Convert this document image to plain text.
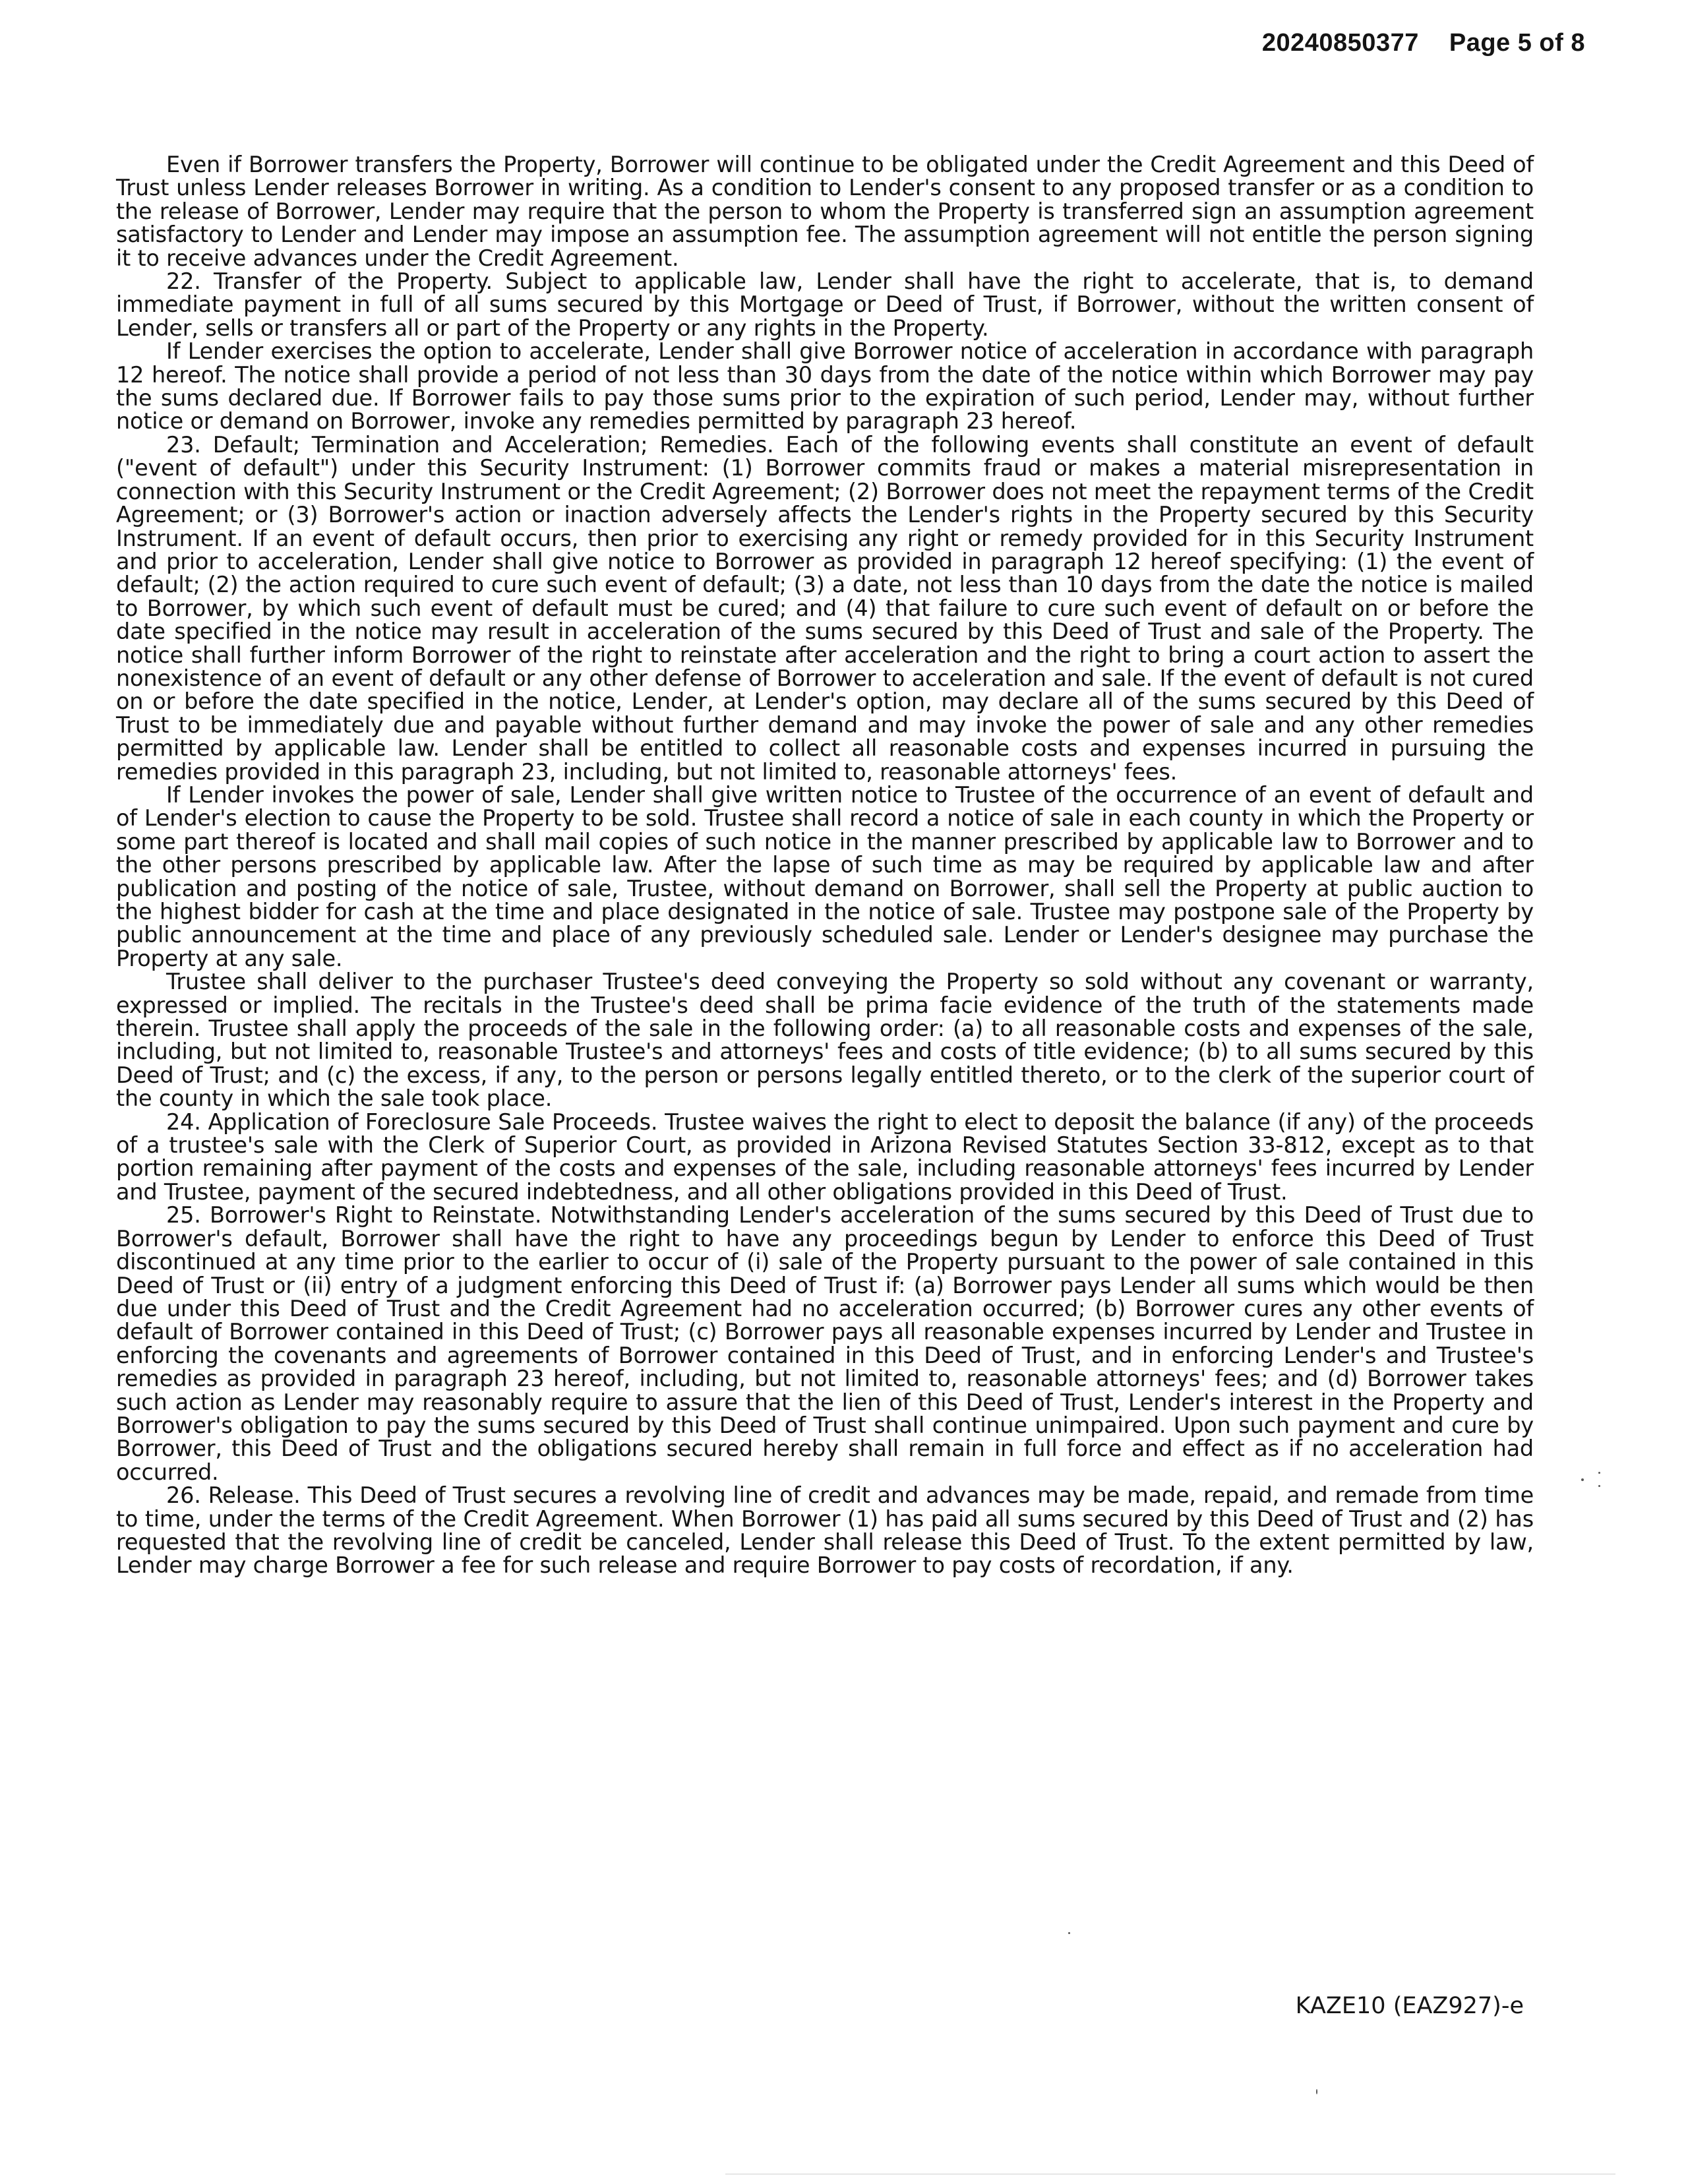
20240850377 Page 5 of 8

Even if Borrower transfers the Property, Borrower will continue to be obligated under the Credit Agreement and this Deed of Trust unless Lender releases Borrower in writing. As a condition to Lender's consent to any proposed transfer or as a condition to the release of Borrower, Lender may require that the person to whom the Property is transferred sign an assumption agreement satisfactory to Lender and Lender may impose an assumption fee. The assumption agreement will not entitle the person signing it to receive advances under the Credit Agreement.

22. Transfer of the Property. Subject to applicable law, Lender shall have the right to accelerate, that is, to demand immediate payment in full of all sums secured by this Mortgage or Deed of Trust, if Borrower, without the written consent of Lender, sells or transfers all or part of the Property or any rights in the Property.

If Lender exercises the option to accelerate, Lender shall give Borrower notice of acceleration in accordance with paragraph 12 hereof. The notice shall provide a period of not less than 30 days from the date of the notice within which Borrower may pay the sums declared due. If Borrower fails to pay those sums prior to the expiration of such period, Lender may, without further notice or demand on Borrower, invoke any remedies permitted by paragraph 23 hereof.

23. Default; Termination and Acceleration; Remedies. Each of the following events shall constitute an event of default ("event of default") under this Security Instrument: (1) Borrower commits fraud or makes a material misrepresentation in connection with this Security Instrument or the Credit Agreement; (2) Borrower does not meet the repayment terms of the Credit Agreement; or (3) Borrower's action or inaction adversely affects the Lender's rights in the Property secured by this Security Instrument. If an event of default occurs, then prior to exercising any right or remedy provided for in this Security Instrument and prior to acceleration, Lender shall give notice to Borrower as provided in paragraph 12 hereof specifying: (1) the event of default; (2) the action required to cure such event of default; (3) a date, not less than 10 days from the date the notice is mailed to Borrower, by which such event of default must be cured; and (4) that failure to cure such event of default on or before the date specified in the notice may result in acceleration of the sums secured by this Deed of Trust and sale of the Property. The notice shall further inform Borrower of the right to reinstate after acceleration and the right to bring a court action to assert the nonexistence of an event of default or any other defense of Borrower to acceleration and sale. If the event of default is not cured on or before the date specified in the notice, Lender, at Lender's option, may declare all of the sums secured by this Deed of Trust to be immediately due and payable without further demand and may invoke the power of sale and any other remedies permitted by applicable law. Lender shall be entitled to collect all reasonable costs and expenses incurred in pursuing the remedies provided in this paragraph 23, including, but not limited to, reasonable attorneys' fees.

If Lender invokes the power of sale, Lender shall give written notice to Trustee of the occurrence of an event of default and of Lender's election to cause the Property to be sold. Trustee shall record a notice of sale in each county in which the Property or some part thereof is located and shall mail copies of such notice in the manner prescribed by applicable law to Borrower and to the other persons prescribed by applicable law. After the lapse of such time as may be required by applicable law and after publication and posting of the notice of sale, Trustee, without demand on Borrower, shall sell the Property at public auction to the highest bidder for cash at the time and place designated in the notice of sale. Trustee may postpone sale of the Property by public announcement at the time and place of any previously scheduled sale. Lender or Lender's designee may purchase the Property at any sale.

Trustee shall deliver to the purchaser Trustee's deed conveying the Property so sold without any covenant or warranty, expressed or implied. The recitals in the Trustee's deed shall be prima facie evidence of the truth of the statements made therein. Trustee shall apply the proceeds of the sale in the following order: (a) to all reasonable costs and expenses of the sale, including, but not limited to, reasonable Trustee's and attorneys' fees and costs of title evidence; (b) to all sums secured by this Deed of Trust; and (c) the excess, if any, to the person or persons legally entitled thereto, or to the clerk of the superior court of the county in which the sale took place.

24. Application of Foreclosure Sale Proceeds. Trustee waives the right to elect to deposit the balance (if any) of the proceeds of a trustee's sale with the Clerk of Superior Court, as provided in Arizona Revised Statutes Section 33-812, except as to that portion remaining after payment of the costs and expenses of the sale, including reasonable attorneys' fees incurred by Lender and Trustee, payment of the secured indebtedness, and all other obligations provided in this Deed of Trust.

25. Borrower's Right to Reinstate. Notwithstanding Lender's acceleration of the sums secured by this Deed of Trust due to Borrower's default, Borrower shall have the right to have any proceedings begun by Lender to enforce this Deed of Trust discontinued at any time prior to the earlier to occur of (i) sale of the Property pursuant to the power of sale contained in this Deed of Trust or (ii) entry of a judgment enforcing this Deed of Trust if: (a) Borrower pays Lender all sums which would be then due under this Deed of Trust and the Credit Agreement had no acceleration occurred; (b) Borrower cures any other events of default of Borrower contained in this Deed of Trust; (c) Borrower pays all reasonable expenses incurred by Lender and Trustee in enforcing the covenants and agreements of Borrower contained in this Deed of Trust, and in enforcing Lender's and Trustee's remedies as provided in paragraph 23 hereof, including, but not limited to, reasonable attorneys' fees; and (d) Borrower takes such action as Lender may reasonably require to assure that the lien of this Deed of Trust, Lender's interest in the Property and Borrower's obligation to pay the sums secured by this Deed of Trust shall continue unimpaired. Upon such payment and cure by Borrower, this Deed of Trust and the obligations secured hereby shall remain in full force and effect as if no acceleration had occurred.

26. Release. This Deed of Trust secures a revolving line of credit and advances may be made, repaid, and remade from time to time, under the terms of the Credit Agreement. When Borrower (1) has paid all sums secured by this Deed of Trust and (2) has requested that the revolving line of credit be canceled, Lender shall release this Deed of Trust. To the extent permitted by law, Lender may charge Borrower a fee for such release and require Borrower to pay costs of recordation, if any.

KAZE10 (EAZ927)-e
